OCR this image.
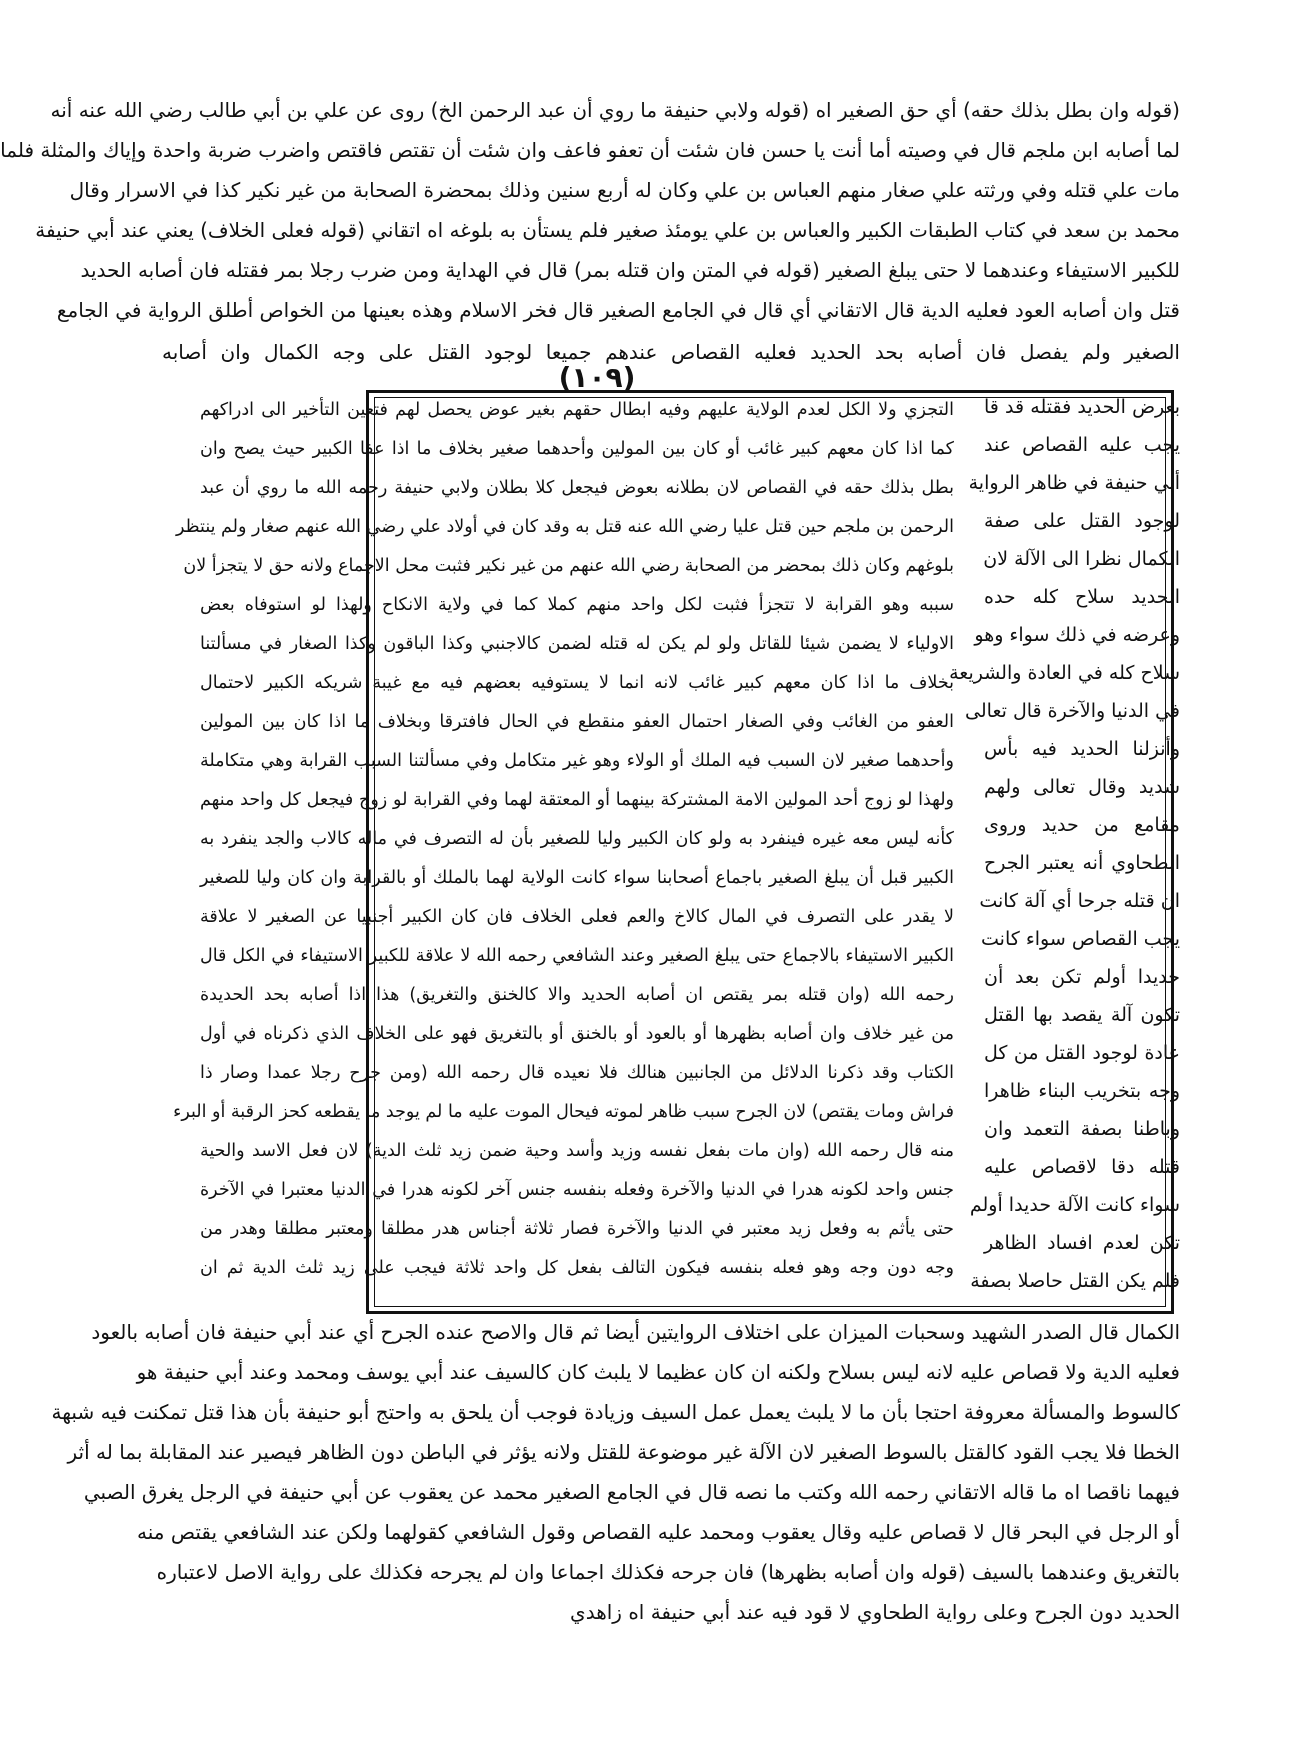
(قوله وان بطل بذلك حقه) أي حق الصغير اه (قوله ولابي حنيفة ما روي أن عبد الرحمن الخ) روى عن علي بن أبي طالب رضي الله عنه أنه
لما أصابه ابن ملجم قال في وصيته أما أنت يا حسن فان شئت أن تعفو فاعف وان شئت أن تقتص فاقتص واضرب ضربة واحدة وإياك والمثلة فلما
مات علي قتله وفي ورثته علي صغار منهم العباس بن علي وكان له أربع سنين وذلك بمحضرة الصحابة من غير نكير كذا في الاسرار وقال
محمد بن سعد في كتاب الطبقات الكبير والعباس بن علي يومئذ صغير فلم يستأن به بلوغه اه اتقاني (قوله فعلى الخلاف) يعني عند أبي حنيفة
للكبير الاستيفاء وعندهما لا حتى يبلغ الصغير (قوله في المتن وان قتله بمر) قال في الهداية ومن ضرب رجلا بمر فقتله فان أصابه الحديد
قتل وان أصابه العود فعليه الدية قال الاتقاني أي قال في الجامع الصغير قال فخر الاسلام وهذه بعينها من الخواص أطلق الرواية في الجامع
الصغير ولم يفصل فان أصابه بحد الحديد فعليه القصاص عندهم جميعا لوجود القتل على وجه الكمال وان أصابه
(١٠٩)
التجزي ولا الكل لعدم الولاية عليهم وفيه ابطال حقهم بغير عوض يحصل لهم فتعين التأخير الى ادراكهم
كما اذا كان معهم كبير غائب أو كان بين المولين وأحدهما صغير بخلاف ما اذا عفا الكبير حيث يصح وان
بطل بذلك حقه في القصاص لان بطلانه بعوض فيجعل كلا بطلان ولابي حنيفة رحمه الله ما روي أن عبد
الرحمن بن ملجم حين قتل عليا رضي الله عنه قتل به وقد كان في أولاد علي رضي الله عنهم صغار ولم ينتظر
بلوغهم وكان ذلك بمحضر من الصحابة رضي الله عنهم من غير نكير فثبت محل الاجماع ولانه حق لا يتجزأ لان
سببه وهو القرابة لا تتجزأ فثبت لكل واحد منهم كملا كما في ولاية الانكاح ولهذا لو استوفاه بعض
الاولياء لا يضمن شيئا للقاتل ولو لم يكن له قتله لضمن كالاجنبي وكذا الباقون وكذا الصغار في مسألتنا
بخلاف ما اذا كان معهم كبير غائب لانه انما لا يستوفيه بعضهم فيه مع غيبة شريكه الكبير لاحتمال
العفو من الغائب وفي الصغار احتمال العفو منقطع في الحال فافترقا وبخلاف ما اذا كان بين المولين
وأحدهما صغير لان السبب فيه الملك أو الولاء وهو غير متكامل وفي مسألتنا السبب القرابة وهي متكاملة
ولهذا لو زوج أحد المولين الامة المشتركة بينهما أو المعتقة لهما وفي القرابة لو زوج فيجعل كل واحد منهم
كأنه ليس معه غيره فينفرد به ولو كان الكبير وليا للصغير بأن له التصرف في ماله كالاب والجد ينفرد به
الكبير قبل أن يبلغ الصغير باجماع أصحابنا سواء كانت الولاية لهما بالملك أو بالقرابة وان كان وليا للصغير
لا يقدر على التصرف في المال كالاخ والعم فعلى الخلاف فان كان الكبير أجنبيا عن الصغير لا علاقة
الكبير الاستيفاء بالاجماع حتى يبلغ الصغير وعند الشافعي رحمه الله لا علاقة للكبير الاستيفاء في الكل قال
رحمه الله (وان قتله بمر يقتص ان أصابه الحديد والا كالخنق والتغريق) هذا اذا أصابه بحد الحديدة
من غير خلاف وان أصابه بظهرها أو بالعود أو بالخنق أو بالتغريق فهو على الخلاف الذي ذكرناه في أول
الكتاب وقد ذكرنا الدلائل من الجانبين هنالك فلا نعيده قال رحمه الله (ومن جرح رجلا عمدا وصار ذا
فراش ومات يقتص) لان الجرح سبب ظاهر لموته فيحال الموت عليه ما لم يوجد ما يقطعه كحز الرقبة أو البرء
منه قال رحمه الله (وان مات بفعل نفسه وزيد وأسد وحية ضمن زيد ثلث الدية) لان فعل الاسد والحية
جنس واحد لكونه هدرا في الدنيا والآخرة وفعله بنفسه جنس آخر لكونه هدرا في الدنيا معتبرا في الآخرة
حتى يأثم به وفعل زيد معتبر في الدنيا والآخرة فصار ثلاثة أجناس هدر مطلقا ومعتبر مطلقا وهدر من
وجه دون وجه وهو فعله بنفسه فيكون التالف بفعل كل واحد ثلاثة فيجب على زيد ثلث الدية ثم ان
بعرض الحديد فقتله قد قا
يجب عليه القصاص عند
أبي حنيفة في ظاهر الرواية
لوجود القتل على صفة
الكمال نظرا الى الآلة لان
الحديد سلاح كله حده
وعرضه في ذلك سواء وهو
سلاح كله في العادة والشريعة
في الدنيا والآخرة قال تعالى
وأنزلنا الحديد فيه بأس
شديد وقال تعالى ولهم
مقامع من حديد وروى
الطحاوي أنه يعتبر الجرح
ان قتله جرحا أي آلة كانت
يجب القصاص سواء كانت
حديدا أولم تكن بعد أن
تكون آلة يقصد بها القتل
عادة لوجود القتل من كل
وجه بتخريب البناء ظاهرا
وباطنا بصفة التعمد وان
قتله دقا لاقصاص عليه
سواء كانت الآلة حديدا أولم
تكن لعدم افساد الظاهر
فلم يكن القتل حاصلا بصفة
الكمال قال الصدر الشهيد وسحبات الميزان على اختلاف الروايتين أيضا ثم قال والاصح عنده الجرح أي عند أبي حنيفة فان أصابه بالعود
فعليه الدية ولا قصاص عليه لانه ليس بسلاح ولكنه ان كان عظيما لا يلبث كان كالسيف عند أبي يوسف ومحمد وعند أبي حنيفة هو
كالسوط والمسألة معروفة احتجا بأن ما لا يلبث يعمل عمل السيف وزيادة فوجب أن يلحق به واحتج أبو حنيفة بأن هذا قتل تمكنت فيه شبهة
الخطا فلا يجب القود كالقتل بالسوط الصغير لان الآلة غير موضوعة للقتل ولانه يؤثر في الباطن دون الظاهر فيصير عند المقابلة بما له أثر
فيهما ناقصا اه ما قاله الاتقاني رحمه الله وكتب ما نصه قال في الجامع الصغير محمد عن يعقوب عن أبي حنيفة في الرجل يغرق الصبي
أو الرجل في البحر قال لا قصاص عليه وقال يعقوب ومحمد عليه القصاص وقول الشافعي كقولهما ولكن عند الشافعي يقتص منه
بالتغريق وعندهما بالسيف (قوله وان أصابه بظهرها) فان جرحه فكذلك اجماعا وان لم يجرحه فكذلك على رواية الاصل لاعتباره
الحديد دون الجرح وعلى رواية الطحاوي لا قود فيه عند أبي حنيفة اه زاهدي
